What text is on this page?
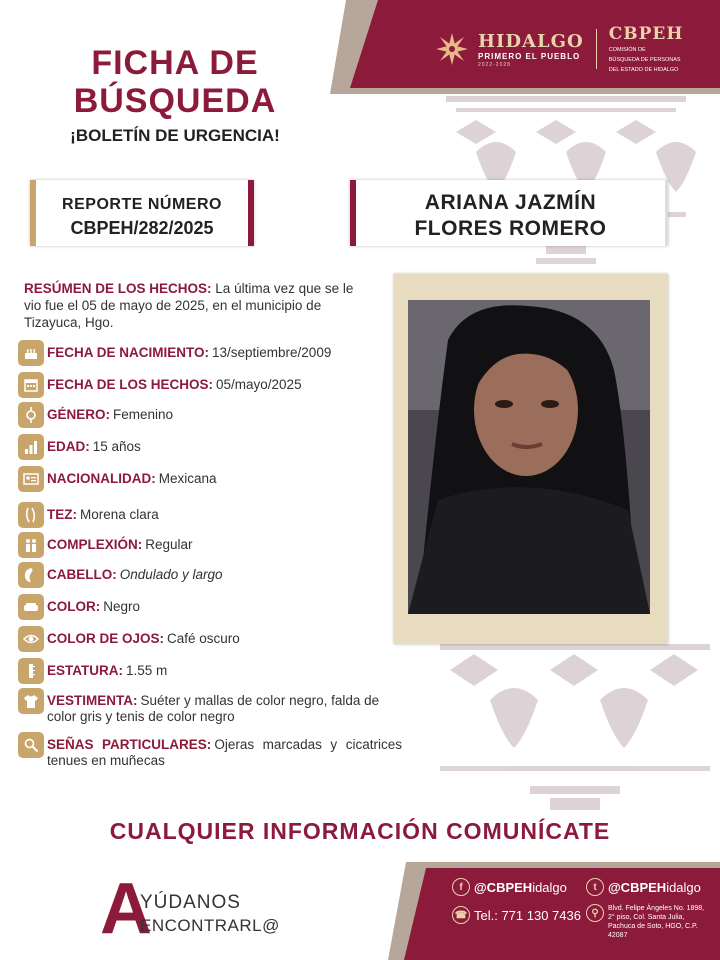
HIDALGO
PRIMERO EL PUEBLO
2022-2028
CBPEH
COMISIÓN DE
BÚSQUEDA DE PERSONAS
DEL ESTADO DE HIDALGO
FICHA DE
BÚSQUEDA
¡BOLETÍN DE URGENCIA!
REPORTE NÚMERO
CBPEH/282/2025
ARIANA JAZMÍN
FLORES ROMERO
RESÚMEN DE LOS HECHOS: La última vez que se le vio fue el 05 de mayo de 2025, en el municipio de Tizayuca, Hgo.
FECHA DE NACIMIENTO: 13/septiembre/2009
FECHA DE LOS HECHOS: 05/mayo/2025
GÉNERO: Femenino
EDAD: 15 años
NACIONALIDAD: Mexicana
TEZ: Morena clara
COMPLEXIÓN: Regular
CABELLO: Ondulado y largo
COLOR: Negro
COLOR DE OJOS: Café oscuro
ESTATURA: 1.55 m
VESTIMENTA: Suéter y mallas de color negro, falda de color gris y tenis de color negro
SEÑAS PARTICULARES: Ojeras marcadas y cicatrices tenues en muñecas
CUALQUIER INFORMACIÓN COMUNÍCATE
A
YÚDANOS
ENCONTRARL@
f @CBPEHidalgo	t @CBPEHidalgo
☎ Tel.: 771 130 7436	⚲	Blvd. Felipe Ángeles No. 1898, 2° piso, Col. Santa Julia, Pachuca de Soto, HGO, C.P. 42087
